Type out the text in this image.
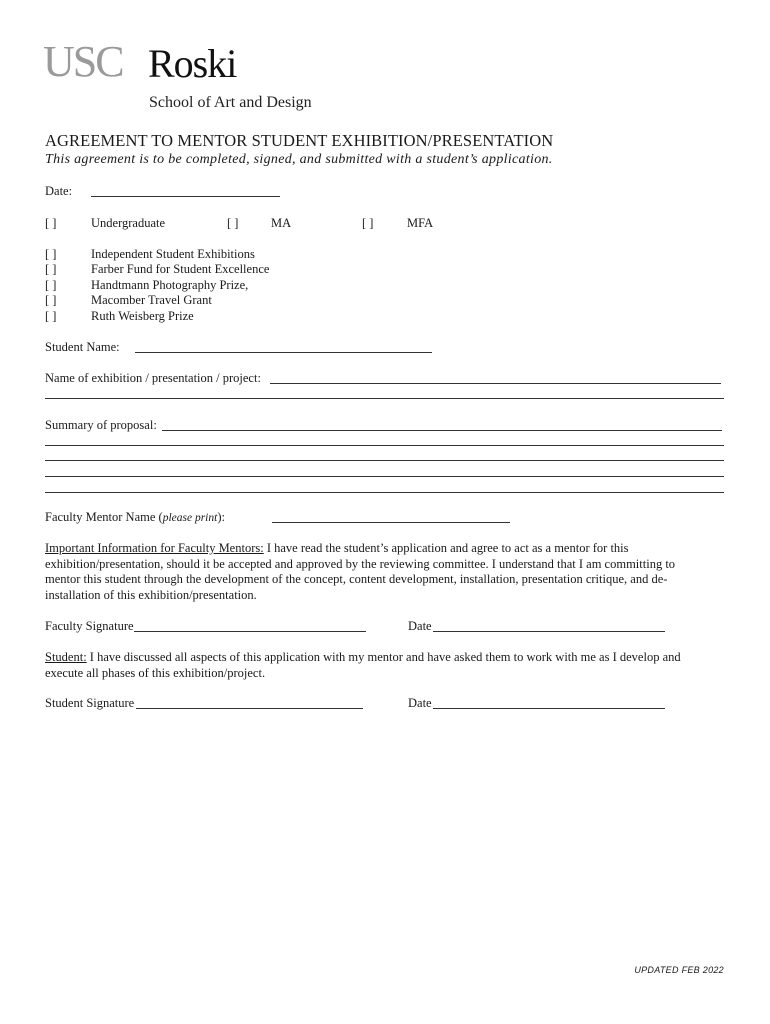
USC Roski
School of Art and Design
AGREEMENT TO MENTOR STUDENT EXHIBITION/PRESENTATION
This agreement is to be completed, signed, and submitted with a student’s application.
Date:
[ ]	Undergraduate	[ ]	MA	[ ]	MFA
[ ]	Independent Student Exhibitions
[ ]	Farber Fund for Student Excellence
[ ]	Handtmann Photography Prize,
[ ]	Macomber Travel Grant
[ ]	Ruth Weisberg Prize
Student Name:
Name of exhibition / presentation / project:
Summary of proposal:
Faculty Mentor Name (please print):
Important Information for Faculty Mentors: I have read the student’s application and agree to act as a mentor for this exhibition/presentation, should it be accepted and approved by the reviewing committee. I understand that I am committing to mentor this student through the development of the concept, content development, installation, presentation critique, and de-installation of this exhibition/presentation.
Faculty Signature	Date
Student: I have discussed all aspects of this application with my mentor and have asked them to work with me as I develop and execute all phases of this exhibition/project.
Student Signature	Date
UPDATED FEB 2022
